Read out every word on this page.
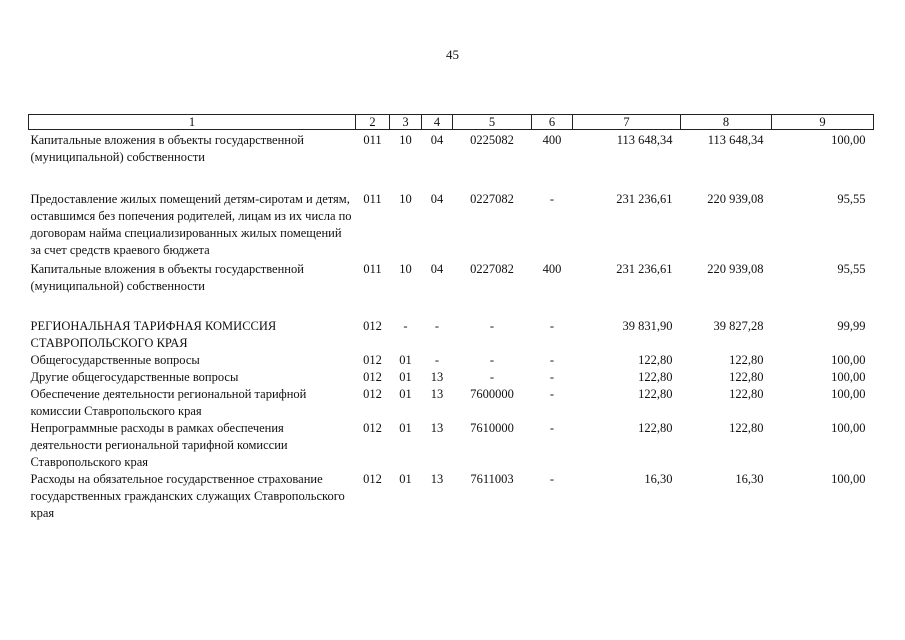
45
1	2	3	4	5	6	7	8	9

Капитальные вложения в объекты государственной (муниципальной) собственности	011	10	04	0225082	400	113 648,34	113 648,34	100,00

Предоставление жилых помещений детям-сиротам и детям, оставшимся без попечения родителей, лицам из их числа по договорам найма специализированных жилых помещений за счет средств краевого бюджета	011	10	04	0227082	-	231 236,61	220 939,08	95,55

Капитальные вложения в объекты государственной (муниципальной) собственности	011	10	04	0227082	400	231 236,61	220 939,08	95,55

РЕГИОНАЛЬНАЯ ТАРИФНАЯ КОМИССИЯ СТАВРОПОЛЬСКОГО КРАЯ	012	-	-	-	-	39 831,90	39 827,28	99,99
Общегосударственные вопросы	012	01	-	-	-	122,80	122,80	100,00
Другие общегосударственные вопросы	012	01	13	-	-	122,80	122,80	100,00
Обеспечение деятельности региональной тарифной комиссии Ставропольского края	012	01	13	7600000	-	122,80	122,80	100,00
Непрограммные расходы в рамках обеспечения деятельности региональной тарифной комиссии Ставропольского края	012	01	13	7610000	-	122,80	122,80	100,00
Расходы на обязательное государственное страхование государственных гражданских служащих Ставропольского края	012	01	13	7611003	-	16,30	16,30	100,00
